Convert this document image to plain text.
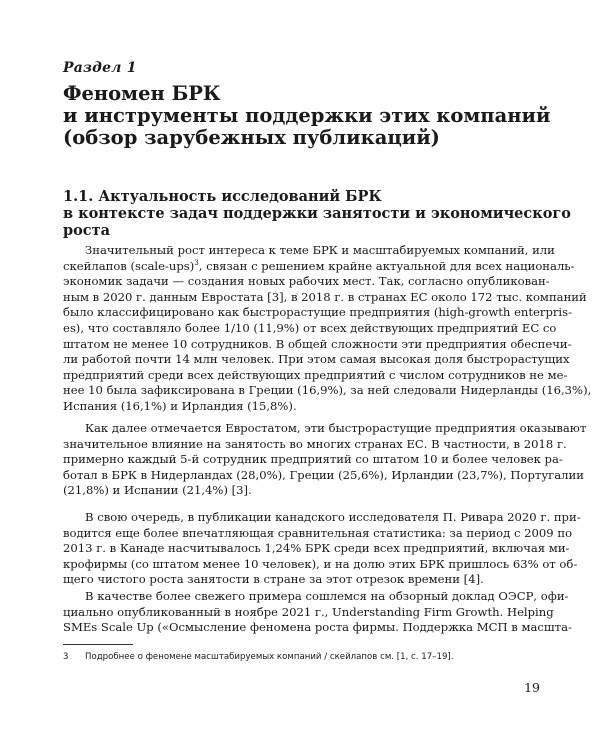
Раздел 1
Феномен БРК
и инструменты поддержки этих компаний
(обзор зарубежных публикаций)
1.1. Актуальность исследований БРК
в контексте задач поддержки занятости и экономического
роста
Значительный рост интереса к теме БРК и масштабируемых компаний, или
скейлапов (scale-ups)$^3$, связан с решением крайне актуальной для всех националь-
экономик задачи — создания новых рабочих мест. Так, согласно опубликован-
ным в 2020 г. данным Евростата [3], в 2018 г. в странах ЕС около 172 тыс. компаний
было классифицировано как быстрорастущие предприятия (high-growth enterpris-
es), что составляло более 1/10 (11,9%) от всех действующих предприятий ЕС со
штатом не менее 10 сотрудников. В общей сложности эти предприятия обеспечи-
ли работой почти 14 млн человек. При этом самая высокая доля быстрорастущих
предприятий среди всех действующих предприятий с числом сотрудников не ме-
нее 10 была зафиксирована в Греции (16,9%), за ней следовали Нидерланды (16,3%),
Испания (16,1%) и Ирландия (15,8%).
Как далее отмечается Евростатом, эти быстрорастущие предприятия оказывают
значительное влияние на занятость во многих странах ЕС. В частности, в 2018 г.
примерно каждый 5-й сотрудник предприятий со штатом 10 и более человек ра-
ботал в БРК в Нидерландах (28,0%), Греции (25,6%), Ирландии (23,7%), Португалии
(21,8%) и Испании (21,4%) [3].
В свою очередь, в публикации канадского исследователя П. Ривара 2020 г. при-
водится еще более впечатляющая сравнительная статистика: за период с 2009 по
2013 г. в Канаде насчитывалось 1,24% БРК среди всех предприятий, включая ми-
крофирмы (со штатом менее 10 человек), и на долю этих БРК пришлось 63% от об-
щего чистого роста занятости в стране за этот отрезок времени [4].
В качестве более свежего примера сошлемся на обзорный доклад ОЭСР, офи-
циально опубликованный в ноябре 2021 г., Understanding Firm Growth. Helping
SMEs Scale Up («Осмысление феномена роста фирмы. Поддержка МСП в масшта-
3 Подробнее о феномене масштабируемых компаний / скейлапов см. [1, с. 17–19].
19
